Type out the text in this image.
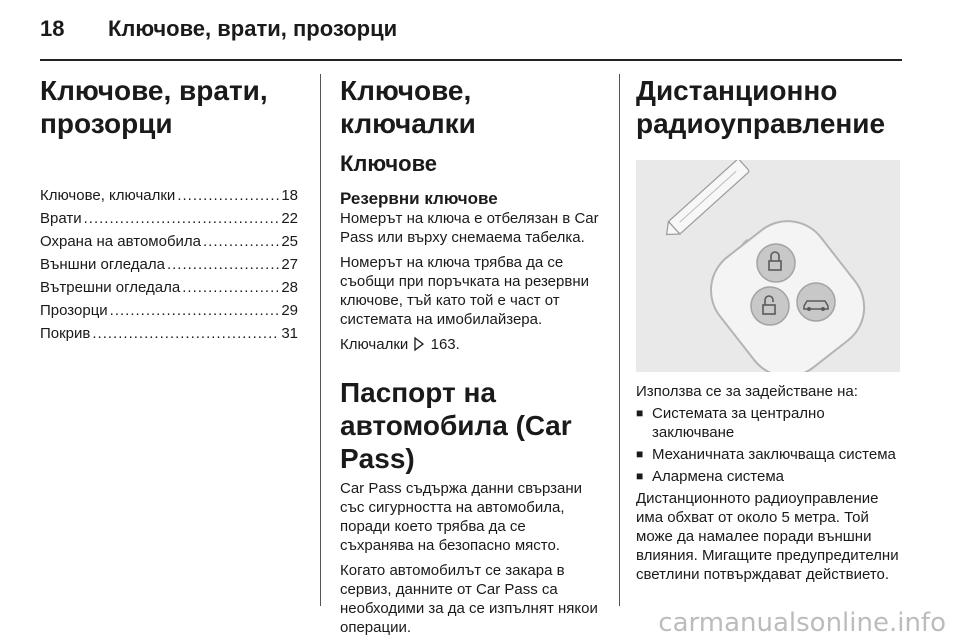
18 Ключове, врати, прозорци
Ключове, врати, прозорци
Ключове, ключалки .....	18
Врати .....	22
Охрана на автомобила .....	25
Външни огледала .....	27
Вътрешни огледала .....	28
Прозорци .....	29
Покрив .....	31
Ключове, ключалки
Ключове
Резервни ключове

Номерът на ключа е отбелязан в Car Pass или върху снемаема табелка.

Номерът на ключа трябва да се съобщи при поръчката на резервни ключове, тъй като той е част от системата на имобилайзера.

Ключалки 163.

Паспорт на автомобила (Car Pass)

Car Pass съдържа данни свързани със сигурността на автомобила, поради което трябва да се съхранява на безопасно място.

Когато автомобилът се закара в сервиз, данните от Car Pass са необходими за да се изпълнят някои операции.

Дистанционно радиоуправление

Използва се за задействане на:

■ Системата за централно заключване
■ Механичната заключваща система
■ Алармена система

Дистанционното радиоуправление има обхват от около 5 метра. Той може да намалее поради външни влияния. Мигащите предупредителни светлини потвърждават действието.

carmanualsonline.info
